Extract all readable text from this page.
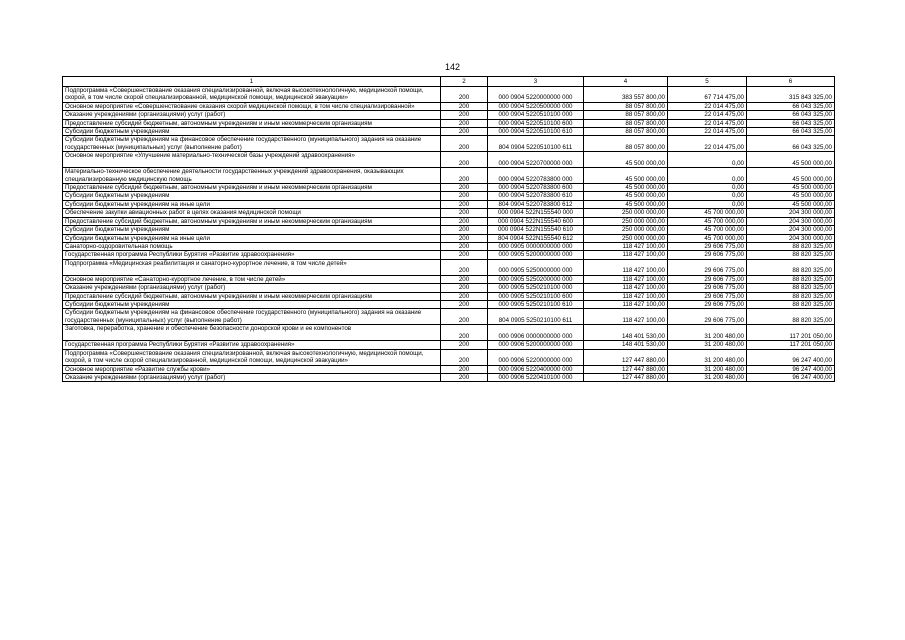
142
1	2	3	4	5	6
Подпрограмма «Совершенствование оказания специализированной, включая высокотехнологичную, медицинской помощи, скорой, в том числе скорой специализированной, медицинской помощи, медицинской эвакуации»	200	000 0904 5220000000 000	383 557 800,00	67 714 475,00	315 843 325,00
Основное мероприятие «Совершенствование оказания скорой медицинской помощи, в том числе специализированной»	200	000 0904 5220500000 000	88 057 800,00	22 014 475,00	66 043 325,00
Оказание учреждениями (организациями) услуг (работ)	200	000 0904 5220510100 000	88 057 800,00	22 014 475,00	66 043 325,00
Предоставление субсидий бюджетным, автономным учреждениям и иным некоммерческим организациям	200	000 0904 5220510100 600	88 057 800,00	22 014 475,00	66 043 325,00
Субсидии бюджетным учреждениям	200	000 0904 5220510100 610	88 057 800,00	22 014 475,00	66 043 325,00
Субсидии бюджетным учреждениям на финансовое обеспечение государственного (муниципального) задания на оказание государственных (муниципальных) услуг (выполнение работ)	200	804 0904 5220510100 611	88 057 800,00	22 014 475,00	66 043 325,00
Основное мероприятие «Улучшение материально-технической базы учреждений здравоохранения»	200	000 0904 5220700000 000	45 500 000,00	0,00	45 500 000,00
Материально-техническое обеспечение деятельности государственных учреждений здравоохранения, оказывающих специализированную медицинскую помощь	200	000 0904 5220783800 000	45 500 000,00	0,00	45 500 000,00
Предоставление субсидий бюджетным, автономным учреждениям и иным некоммерческим организациям	200	000 0904 5220783800 600	45 500 000,00	0,00	45 500 000,00
Субсидии бюджетным учреждениям	200	000 0904 5220783800 610	45 500 000,00	0,00	45 500 000,00
Субсидии бюджетным учреждениям на иные цели	200	804 0904 5220783800 612	45 500 000,00	0,00	45 500 000,00
Обеспечение закупки авиационных работ в целях оказания медицинской помощи	200	000 0904 522N155540 000	250 000 000,00	45 700 000,00	204 300 000,00
Предоставление субсидий бюджетным, автономным учреждениям и иным некоммерческим организациям	200	000 0904 522N155540 600	250 000 000,00	45 700 000,00	204 300 000,00
Субсидии бюджетным учреждениям	200	000 0904 522N155540 610	250 000 000,00	45 700 000,00	204 300 000,00
Субсидии бюджетным учреждениям на иные цели	200	804 0904 522N155540 612	250 000 000,00	45 700 000,00	204 300 000,00
Санаторно-оздоровительная помощь	200	000 0905 0000000000 000	118 427 100,00	29 606 775,00	88 820 325,00
Государственная программа Республики Бурятия «Развитие здравоохранения»	200	000 0905 5200000000 000	118 427 100,00	29 606 775,00	88 820 325,00
Подпрограмма «Медицинская реабилитация и санаторно-курортное лечение, в том числе детей»	200	000 0905 5250000000 000	118 427 100,00	29 606 775,00	88 820 325,00
Основное мероприятие «Санаторно-курортное лечение, в том числе детей»	200	000 0905 5250200000 000	118 427 100,00	29 606 775,00	88 820 325,00
Оказание учреждениями (организациями) услуг (работ)	200	000 0905 5250210100 000	118 427 100,00	29 606 775,00	88 820 325,00
Предоставление субсидий бюджетным, автономным учреждениям и иным некоммерческим организациям	200	000 0905 5250210100 600	118 427 100,00	29 606 775,00	88 820 325,00
Субсидии бюджетным учреждениям	200	000 0905 5250210100 610	118 427 100,00	29 606 775,00	88 820 325,00
Субсидии бюджетным учреждениям на финансовое обеспечение государственного (муниципального) задания на оказание государственных (муниципальных) услуг (выполнение работ)	200	804 0905 5250210100 611	118 427 100,00	29 606 775,00	88 820 325,00
Заготовка, переработка, хранение и обеспечение безопасности донорской крови и ее компонентов	200	000 0906 0000000000 000	148 401 530,00	31 200 480,00	117 201 050,00
Государственная программа Республики Бурятия «Развитие здравоохранения»	200	000 0906 5200000000 000	148 401 530,00	31 200 480,00	117 201 050,00
Подпрограмма «Совершенствование оказания специализированной, включая высокотехнологичную, медицинской помощи, скорой, в том числе скорой специализированной, медицинской помощи, медицинской эвакуации»	200	000 0906 5220000000 000	127 447 880,00	31 200 480,00	96 247 400,00
Основное мероприятие «Развитие службы крови»	200	000 0906 5220400000 000	127 447 880,00	31 200 480,00	96 247 400,00
Оказание учреждениями (организациями) услуг (работ)	200	000 0906 5220410100 000	127 447 880,00	31 200 480,00	96 247 400,00
